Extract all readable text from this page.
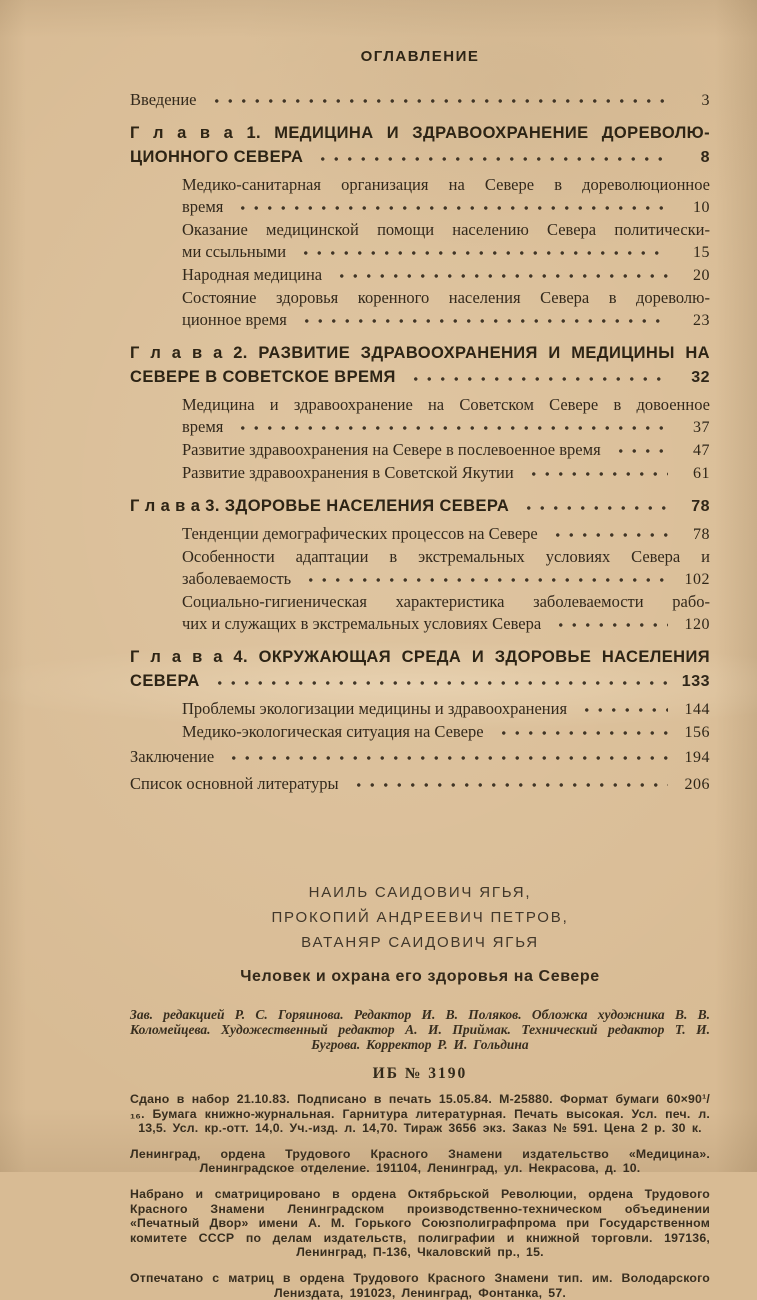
ОГЛАВЛЕНИЕ
Введение	3
Г л а в а 1. МЕДИЦИНА И ЗДРАВООХРАНЕНИЕ ДОРЕВОЛЮ-
ЦИОННОГО СЕВЕРА	8
Медико-санитарная организация на Севере в дореволюционное
время	10
Оказание медицинской помощи населению Севера политически-
ми ссыльными	15
Народная медицина	20
Состояние здоровья коренного населения Севера в дореволю-
ционное время	23
Г л а в а 2. РАЗВИТИЕ ЗДРАВООХРАНЕНИЯ И МЕДИЦИНЫ НА
СЕВЕРЕ В СОВЕТСКОЕ ВРЕМЯ	32
Медицина и здравоохранение на Советском Севере в довоенное
время	37
Развитие здравоохранения на Севере в послевоенное время	47
Развитие здравоохранения в Советской Якутии	61
Г л а в а 3. ЗДОРОВЬЕ НАСЕЛЕНИЯ СЕВЕРА	78
Тенденции демографических процессов на Севере	78
Особенности адаптации в экстремальных условиях Севера и
заболеваемость	102
Социально-гигиеническая характеристика заболеваемости рабо-
чих и служащих в экстремальных условиях Севера	120
Г л а в а 4. ОКРУЖАЮЩАЯ СРЕДА И ЗДОРОВЬЕ НАСЕЛЕНИЯ
СЕВЕРА	133
Проблемы экологизации медицины и здравоохранения	144
Медико-экологическая ситуация на Севере	156
Заключение	194
Список основной литературы	206
НАИЛЬ САИДОВИЧ ЯГЬЯ,
ПРОКОПИЙ АНДРЕЕВИЧ ПЕТРОВ,
ВАТАНЯР САИДОВИЧ ЯГЬЯ
Человек и охрана его здоровья на Севере
Зав. редакцией Р. С. Горяинова. Редактор И. В. Поляков. Обложка художника В. В. Коломейцева. Художественный редактор А. И. Приймак. Технический редактор Т. И. Бугрова. Корректор Р. И. Гольдина
ИБ № 3190
Сдано в набор 21.10.83. Подписано в печать 15.05.84. М-25880. Формат бумаги 60×90¹/₁₆. Бумага книжно-журнальная. Гарнитура литературная. Печать высокая. Усл. печ. л. 13,5. Усл. кр.-отт. 14,0. Уч.-изд. л. 14,70. Тираж 3656 экз. Заказ № 591. Цена 2 р. 30 к.
Ленинград, ордена Трудового Красного Знамени издательство «Медицина». Ленинградское отделение. 191104, Ленинград, ул. Некрасова, д. 10.
Набрано и сматрицировано в ордена Октябрьской Революции, ордена Трудового Красного Знамени Ленинградском производственно-техническом объединении «Печатный Двор» имени А. М. Горького Союзполиграфпрома при Государственном комитете СССР по делам издательств, полиграфии и книжной торговли. 197136, Ленинград, П-136, Чкаловский пр., 15.
Отпечатано с матриц в ордена Трудового Красного Знамени тип. им. Володарского Лениздата, 191023, Ленинград, Фонтанка, 57.
